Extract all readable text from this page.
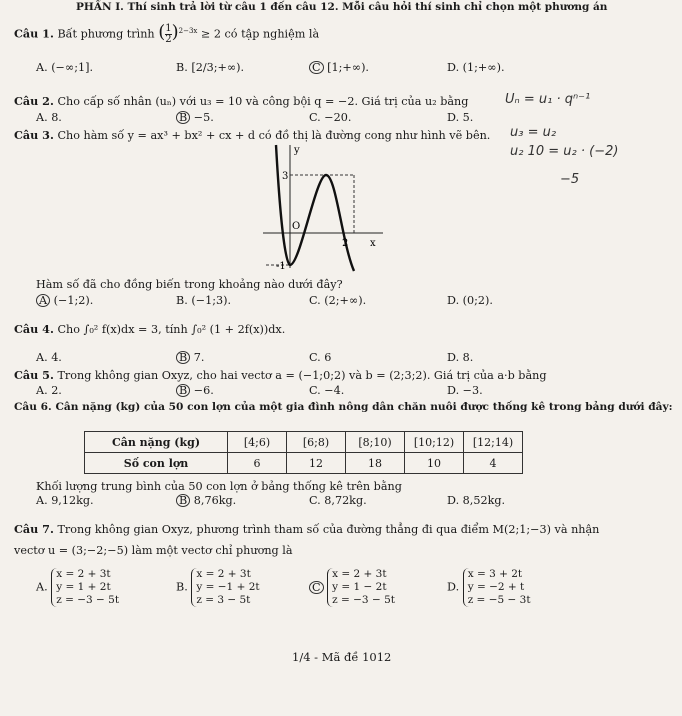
PHẦN I. Thí sinh trả lời từ câu 1 đến câu 12. Mỗi câu hỏi thí sinh chỉ chọn một phương án
Câu 1. Bất phương trình ( $\frac{1}{2} )^{2-3x} \ge 2$ có tập nghiệm là
A. (−∞;1].	B. [2/3;+∞).	C [1;+∞).	D. (1;+∞).
Câu 2. Cho cấp số nhân (uₙ) với u₃ = 10 và công bội q = −2. Giá trị của u₂ bằng
A. 8.	B −5.	C. −20.	D. 5.
Câu 3. Cho hàm số y = ax³ + bx² + cx + d có đồ thị là đường cong như hình vẽ bên.
y
x
3
2
-1
O
Hàm số đã cho đồng biến trong khoảng nào dưới đây?
A (−1;2).	B. (−1;3).	C. (2;+∞).	D. (0;2).
Câu 4. Cho ∫₀² f(x)dx = 3, tính ∫₀² (1 + 2f(x))dx.
A. 4.	B 7.	C. 6	D. 8.
Câu 5. Trong không gian Oxyz, cho hai vectơ a = (−1;0;2) và b = (2;3;2). Giá trị của a·b bằng
A. 2.	B −6.	C. −4.	D. −3.
Câu 6. Cân nặng (kg) của 50 con lợn của một gia đình nông dân chăn nuôi được thống kê trong bảng dưới đây:
Cân nặng (kg)	[4;6)	[6;8)	[8;10)	[10;12)	[12;14)
Số con lợn	6	12	18	10	4
Khối lượng trung bình của 50 con lợn ở bảng thống kê trên bằng
A. 9,12kg.	B 8,76kg.	C. 8,72kg.	D. 8,52kg.
Câu 7. Trong không gian Oxyz, phương trình tham số của đường thẳng đi qua điểm M(2;1;−3) và nhận
vectơ u = (3;−2;−5) làm một vectơ chỉ phương là
A. x = 2 + 3t
y = 1 + 2t
z = −3 − 5t
B. x = 2 + 3t
y = −1 + 2t
z = 3 − 5t
C x = 2 + 3t
y = 1 − 2t
z = −3 − 5t
D. x = 3 + 2t
y = −2 + t
z = −5 − 3t
1/4 - Mã đề 1012
Uₙ = u₁ · qⁿ⁻¹
u₃ = u₂
u₂ 10 = u₂ · (−2)
−5
